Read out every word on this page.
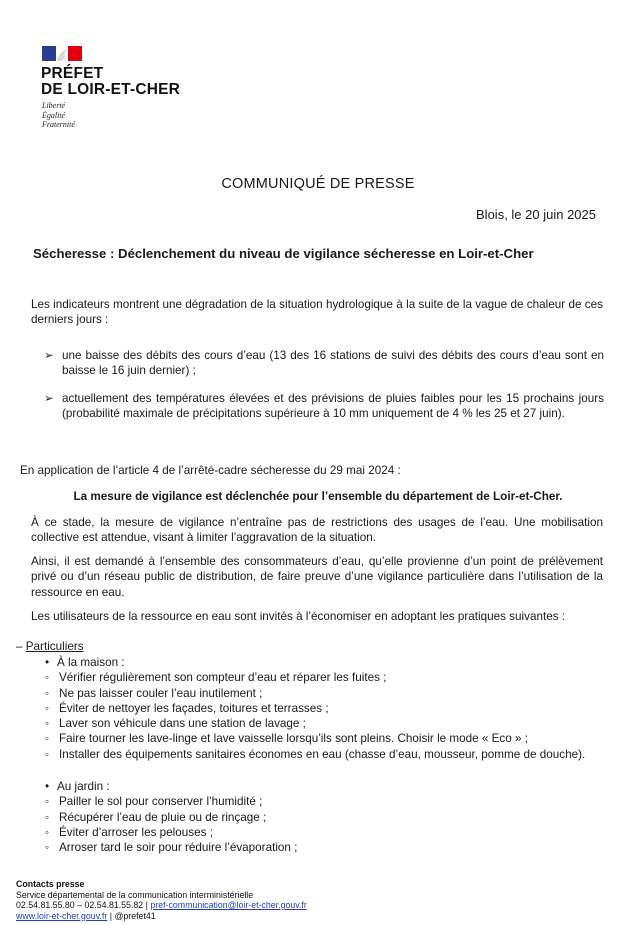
PRÉFET
DE LOIR-ET-CHER
Liberté
Égalité
Fraternité
COMMUNIQUÉ DE PRESSE
Blois, le 20 juin 2025
Sécheresse : Déclenchement du niveau de vigilance sécheresse en Loir-et-Cher
Les indicateurs montrent une dégradation de la situation hydrologique à la suite de la vague de chaleur de ces derniers jours :
➢ une baisse des débits des cours d’eau (13 des 16 stations de suivi des débits des cours d’eau sont en baisse le 16 juin dernier) ;
➢ actuellement des températures élevées et des prévisions de pluies faibles pour les 15 prochains jours (probabilité maximale de précipitations supérieure à 10 mm uniquement de 4 % les 25 et 27 juin).
En application de l’article 4 de l’arrêté-cadre sécheresse du 29 mai 2024 :
La mesure de vigilance est déclenchée pour l’ensemble du département de Loir-et-Cher.
À ce stade, la mesure de vigilance n’entraîne pas de restrictions des usages de l’eau. Une mobilisation collective est attendue, visant à limiter l’aggravation de la situation.
Ainsi, il est demandé à l’ensemble des consommateurs d’eau, qu’elle provienne d’un point de prélèvement privé ou d’un réseau public de distribution, de faire preuve d’une vigilance particulière dans l’utilisation de la ressource en eau.
Les utilisateurs de la ressource en eau sont invités à l’économiser en adoptant les pratiques suivantes :
– Particuliers
• À la maison :
◦ Vérifier régulièrement son compteur d’eau et réparer les fuites ;
◦ Ne pas laisser couler l’eau inutilement ;
◦ Éviter de nettoyer les façades, toitures et terrasses ;
◦ Laver son véhicule dans une station de lavage ;
◦ Faire tourner les lave-linge et lave vaisselle lorsqu’ils sont pleins. Choisir le mode « Eco » ;
◦ Installer des équipements sanitaires économes en eau (chasse d’eau, mousseur, pomme de douche).
• Au jardin :
◦ Pailler le sol pour conserver l’humidité ;
◦ Récupérer l’eau de pluie ou de rinçage ;
◦ Éviter d’arroser les pelouses ;
◦ Arroser tard le soir pour réduire l’évaporation ;
Contacts presse
Service départemental de la communication interministérielle
02.54.81.55.80 – 02.54.81.55.82 | pref-communication@loir-et-cher.gouv.fr
www.loir-et-cher.gouv.fr | @prefet41
